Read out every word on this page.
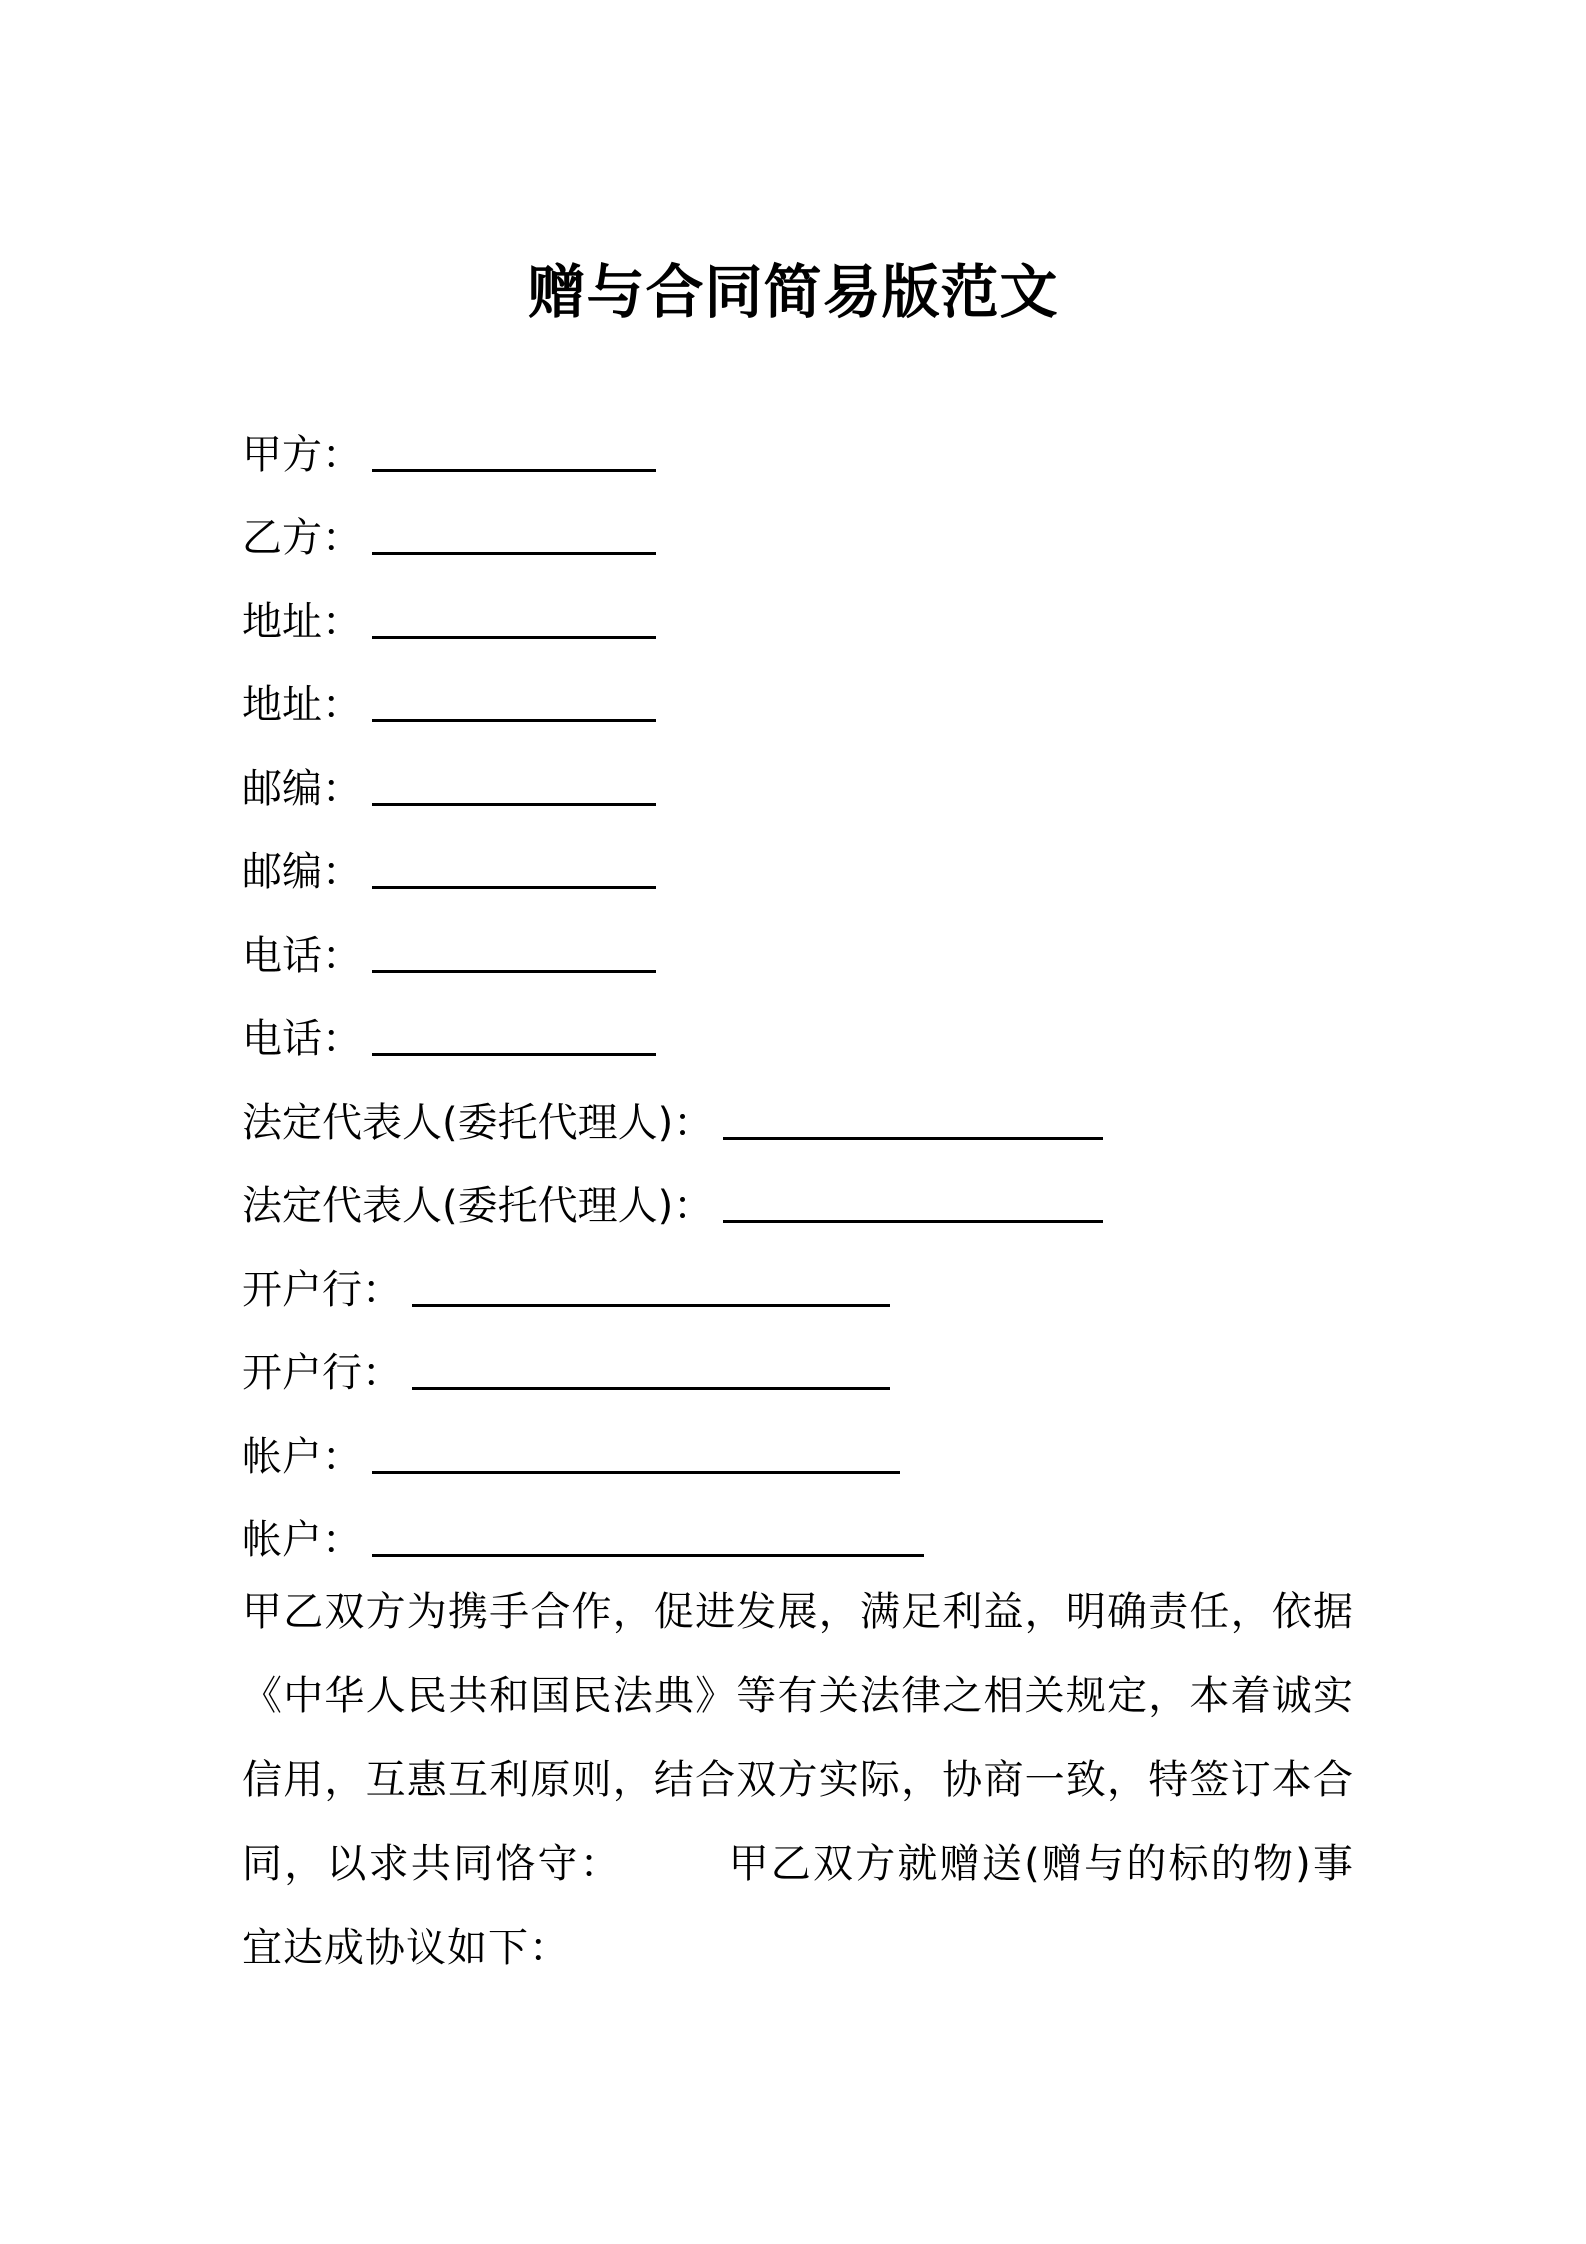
赠与合同简易版范文
甲方：
乙方：
地址：
地址：
邮编：
邮编：
电话：
电话：
法定代表人(委托代理人)：
法定代表人(委托代理人)：
开户行：
开户行：
帐户：
帐户：

甲乙双方为携手合作，促进发展，满足利益，明确责任，依据《中华人民共和国民法典》等有关法律之相关规定，本着诚实信用，互惠互利原则，结合双方实际，协商一致，特签订本合同，以求共同恪守：　　　甲乙双方就赠送(赠与的标的物)事宜达成协议如下：
